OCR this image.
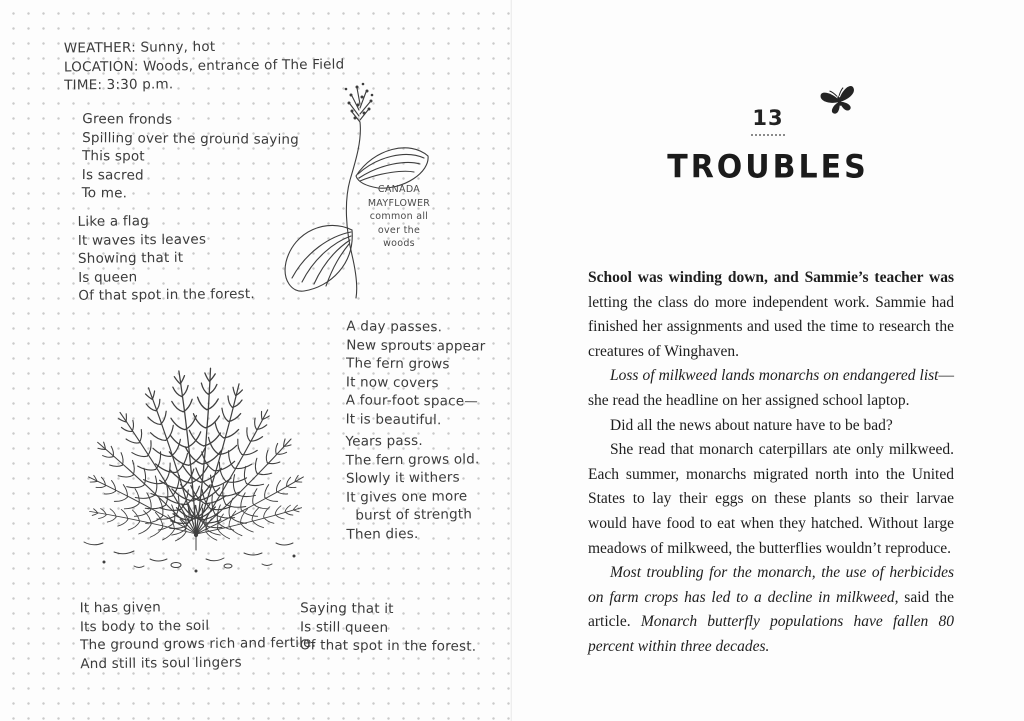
WEATHER: Sunny, hot
LOCATION: Woods, entrance of The Field
TIME: 3:30 p.m.
Green fronds
Spilling over the ground saying
This spot
Is sacred
To me.
Like a flag
It waves its leaves
Showing that it
Is queen
Of that spot in the forest.
CANADA
MAYFLOWER
common all
over the
woods
A day passes.
New sprouts appear
The fern grows
It now covers
A four-foot space—
It is beautiful.
Years pass.
The fern grows old.
Slowly it withers
It gives one more
burst of strength
Then dies.
It has given
Its body to the soil
The ground grows rich and fertile.
And still its soul lingers
Saying that it
Is still queen
Of that spot in the forest.
13
TROUBLES

School was winding down, and Sammie’s teacher was letting the class do more independent work. Sammie had finished her assignments and used the time to research the creatures of Winghaven.

Loss of milkweed lands monarchs on endangered list—she read the headline on her assigned school laptop.

Did all the news about nature have to be bad?

She read that monarch caterpillars ate only milkweed. Each summer, monarchs migrated north into the United States to lay their eggs on these plants so their larvae would have food to eat when they hatched. Without large meadows of milkweed, the butterflies wouldn’t reproduce.

Most troubling for the monarch, the use of herbicides on farm crops has led to a decline in milkweed, said the article. Monarch butterfly populations have fallen 80 percent within three decades.
